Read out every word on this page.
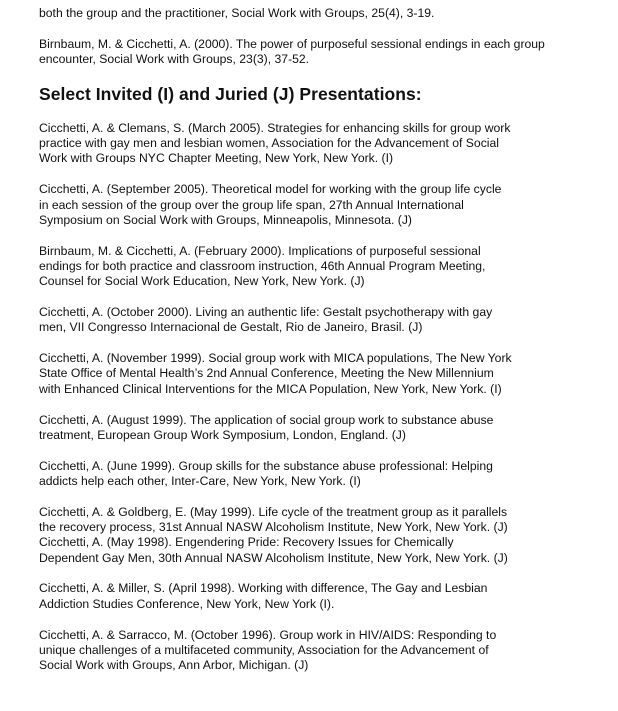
both the group and the practitioner, Social Work with Groups, 25(4), 3-19.
Birnbaum, M. & Cicchetti, A. (2000). The power of purposeful sessional endings in each group
encounter, Social Work with Groups, 23(3), 37-52.
Select Invited (I) and Juried (J) Presentations:
Cicchetti, A. & Clemans, S. (March 2005). Strategies for enhancing skills for group work
practice with gay men and lesbian women, Association for the Advancement of Social
Work with Groups NYC Chapter Meeting, New York, New York. (I)
Cicchetti, A. (September 2005). Theoretical model for working with the group life cycle
in each session of the group over the group life span, 27th Annual International
Symposium on Social Work with Groups, Minneapolis, Minnesota. (J)
Birnbaum, M. & Cicchetti, A. (February 2000). Implications of purposeful sessional
endings for both practice and classroom instruction, 46th Annual Program Meeting,
Counsel for Social Work Education, New York, New York. (J)
Cicchetti, A. (October 2000). Living an authentic life: Gestalt psychotherapy with gay
men, VII Congresso Internacional de Gestalt, Rio de Janeiro, Brasil. (J)
Cicchetti, A. (November 1999). Social group work with MICA populations, The New York
State Office of Mental Health’s 2nd Annual Conference, Meeting the New Millennium
with Enhanced Clinical Interventions for the MICA Population, New York, New York. (I)
Cicchetti, A. (August 1999). The application of social group work to substance abuse
treatment, European Group Work Symposium, London, England. (J)
Cicchetti, A. (June 1999). Group skills for the substance abuse professional: Helping
addicts help each other, Inter-Care, New York, New York. (I)
Cicchetti, A. & Goldberg, E. (May 1999). Life cycle of the treatment group as it parallels
the recovery process, 31st Annual NASW Alcoholism Institute, New York, New York. (J)
Cicchetti, A. (May 1998). Engendering Pride: Recovery Issues for Chemically
Dependent Gay Men, 30th Annual NASW Alcoholism Institute, New York, New York. (J)
Cicchetti, A. & Miller, S. (April 1998). Working with difference, The Gay and Lesbian
Addiction Studies Conference, New York, New York (I).
Cicchetti, A. & Sarracco, M. (October 1996). Group work in HIV/AIDS: Responding to
unique challenges of a multifaceted community, Association for the Advancement of
Social Work with Groups, Ann Arbor, Michigan. (J)
